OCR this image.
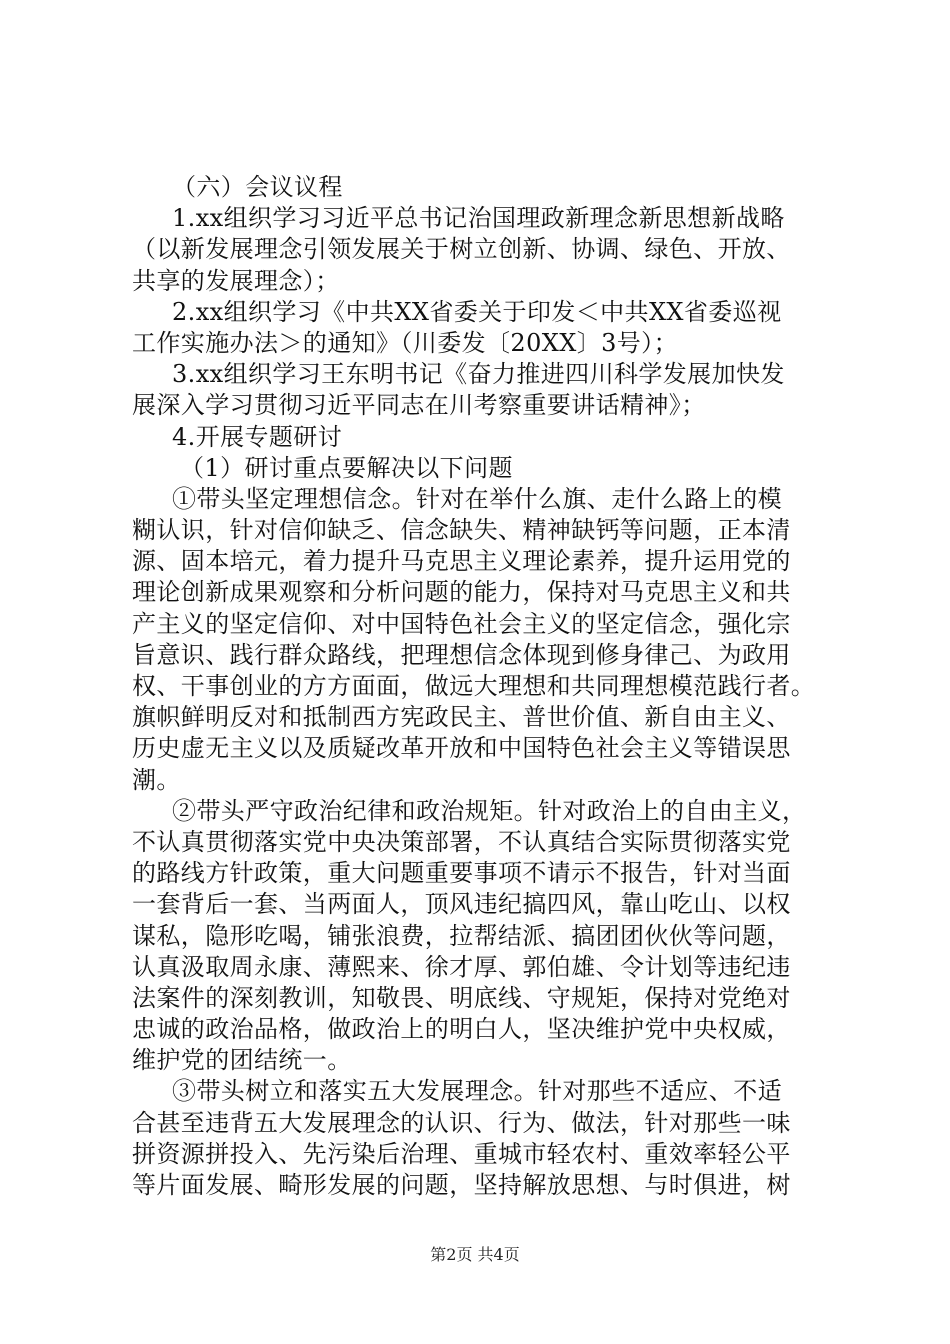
（六）会议议程
1.xx组织学习习近平总书记治国理政新理念新思想新战略
（以新发展理念引领发展关于树立创新、协调、绿色、开放、
共享的发展理念）；
2.xx组织学习《中共XX省委关于印发＜中共XX省委巡视
工作实施办法＞的通知》（川委发〔20XX〕3号）；
3.xx组织学习王东明书记《奋力推进四川科学发展加快发
展深入学习贯彻习近平同志在川考察重要讲话精神》；
4.开展专题研讨
（1）研讨重点要解决以下问题
①带头坚定理想信念。针对在举什么旗、走什么路上的模
糊认识，针对信仰缺乏、信念缺失、精神缺钙等问题，正本清
源、固本培元，着力提升马克思主义理论素养，提升运用党的
理论创新成果观察和分析问题的能力，保持对马克思主义和共
产主义的坚定信仰、对中国特色社会主义的坚定信念，强化宗
旨意识、践行群众路线，把理想信念体现到修身律己、为政用
权、干事创业的方方面面，做远大理想和共同理想模范践行者。
旗帜鲜明反对和抵制西方宪政民主、普世价值、新自由主义、
历史虚无主义以及质疑改革开放和中国特色社会主义等错误思
潮。
②带头严守政治纪律和政治规矩。针对政治上的自由主义，
不认真贯彻落实党中央决策部署，不认真结合实际贯彻落实党
的路线方针政策，重大问题重要事项不请示不报告，针对当面
一套背后一套、当两面人，顶风违纪搞四风，靠山吃山、以权
谋私，隐形吃喝，铺张浪费，拉帮结派、搞团团伙伙等问题，
认真汲取周永康、薄熙来、徐才厚、郭伯雄、令计划等违纪违
法案件的深刻教训，知敬畏、明底线、守规矩，保持对党绝对
忠诚的政治品格，做政治上的明白人，坚决维护党中央权威，
维护党的团结统一。
③带头树立和落实五大发展理念。针对那些不适应、不适
合甚至违背五大发展理念的认识、行为、做法，针对那些一味
拼资源拼投入、先污染后治理、重城市轻农村、重效率轻公平
等片面发展、畸形发展的问题，坚持解放思想、与时俱进，树
第2页 共4页
